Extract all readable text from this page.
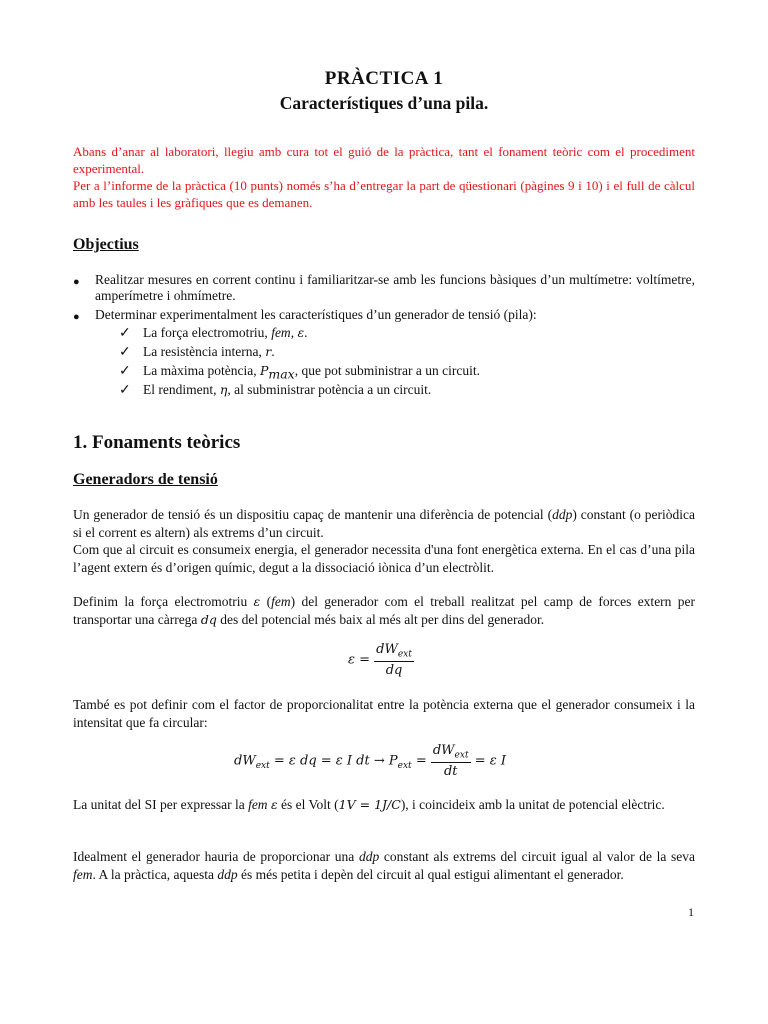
PRÀCTICA 1

Característiques d’una pila.

Abans d’anar al laboratori, llegiu amb cura tot el guió de la pràctica, tant el fonament teòric com el procediment experimental.

Per a l’informe de la pràctica (10 punts) només s’ha d’entregar la part de qüestionari (pàgines 9 i 10) i el full de càlcul amb les taules i les gràfiques que es demanen.

Objectius

● Realitzar mesures en corrent continu i familiaritzar-se amb les funcions bàsiques d’un multímetre: voltímetre, amperímetre i ohmímetre.

● Determinar experimentalment les característiques d’un generador de tensió (pila):

✓ La força electromotriu, fem, ε.

✓ La resistència interna, r.

✓ La màxima potència, $P_{max}$, que pot subministrar a un circuit.

✓ El rendiment, η, al subministrar potència a un circuit.

1. Fonaments teòrics

Generadors de tensió

Un generador de tensió és un dispositiu capaç de mantenir una diferència de potencial (ddp) constant (o periòdica si el corrent es altern) als extrems d’un circuit.

Com que al circuit es consumeix energia, el generador necessita d'una font energètica externa. En el cas d’una pila l’agent extern és d’origen químic, degut a la dissociació iònica d’un electròlit.

Definim la força electromotriu ε (fem) del generador com el treball realitzat pel camp de forces extern per transportar una càrrega dq des del potencial més baix al més alt per dins del generador.

$\varepsilon = \frac{dW_{ext}}{dq}$

També es pot definir com el factor de proporcionalitat entre la potència externa que el generador consumeix i la intensitat que fa circular:

$dW_{ext} = \varepsilon$ dq = ε I dt → $P_{ext} = \frac{dW_{ext}}{dt} = \varepsilon$ I

La unitat del SI per expressar la fem ε és el Volt (1V = 1J/C), i coincideix amb la unitat de potencial elèctric.

Idealment el generador hauria de proporcionar una ddp constant als extrems del circuit igual al valor de la seva fem. A la pràctica, aquesta ddp és més petita i depèn del circuit al qual estigui alimentant el generador.

1
